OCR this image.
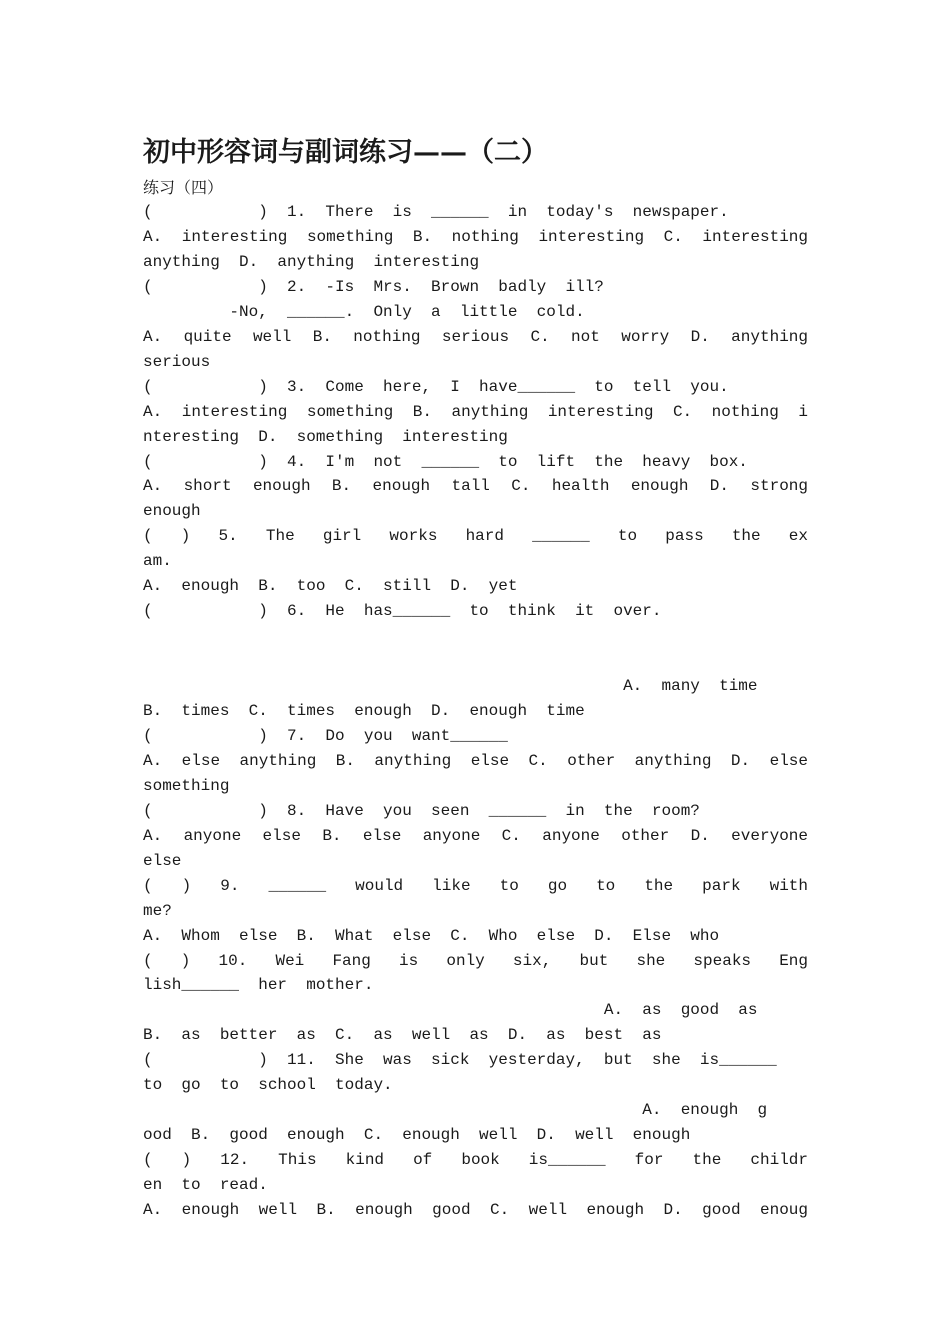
初中形容词与副词练习——（二）
练习（四）
(           )  1.  There  is  ______  in  today's  newspaper.
A. interesting something B. nothing interesting C. interesting
anything  D.  anything  interesting
(           )  2.  -Is  Mrs.  Brown  badly  ill?
-No,  ______.  Only  a  little  cold.
A. quite well B. nothing serious C. not worry D. anything
serious
(           )  3.  Come  here,  I  have______  to  tell  you.
A. interesting something B. anything interesting C. nothing i
nteresting  D.  something  interesting
(           )  4.  I'm  not  ______  to  lift  the  heavy  box.
A. short enough B. enough tall C. health enough D. strong
enough
( ) 5. The girl works hard ______ to pass the ex
am.
A.  enough  B.  too  C.  still  D.  yet
(           )  6.  He  has______  to  think  it  over.
A.  many  time
B.  times  C.  times  enough  D.  enough  time
(           )  7.  Do  you  want______
A. else anything B. anything else C. other anything D. else
something
(           )  8.  Have  you  seen  ______  in  the  room?
A. anyone else B. else anyone C. anyone other D. everyone
else
( ) 9. ______ would like to go to the park with
me?
A.  Whom  else  B.  What  else  C.  Who  else  D.  Else  who
( ) 10. Wei Fang is only six, but she speaks Eng
lish______  her  mother.
A.  as  good  as
B.  as  better  as  C.  as  well  as  D.  as  best  as
(           )  11.  She  was  sick  yesterday,  but  she  is______
to  go  to  school  today.
A.  enough  g
ood  B.  good  enough  C.  enough  well  D.  well  enough
( ) 12. This kind of book is______ for the childr
en  to  read.
A. enough well B. enough good C. well enough D. good enoug
